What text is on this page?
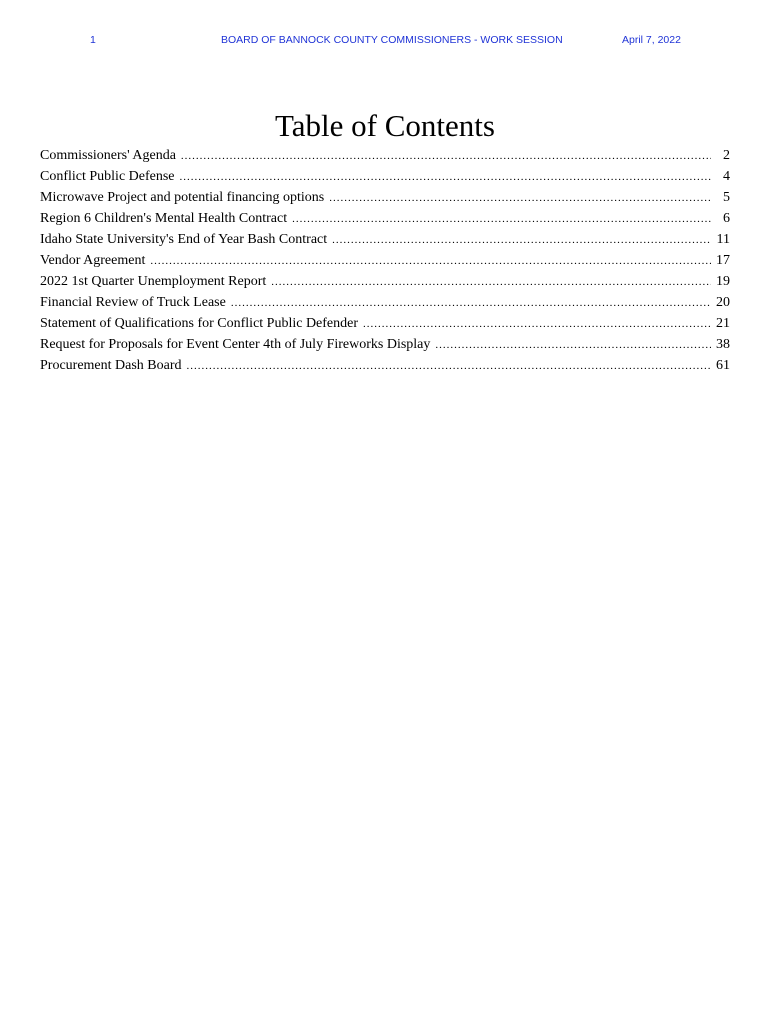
1	BOARD OF BANNOCK COUNTY COMMISSIONERS - WORK SESSION	April 7, 2022
Table of Contents
Commissioners' Agenda .....	2
Conflict Public Defense .....	4
Microwave Project and potential financing options .....	5
Region 6 Children's Mental Health Contract .....	6
Idaho State University's End of Year Bash Contract .....	11
Vendor Agreement .....	17
2022 1st Quarter Unemployment Report .....	19
Financial Review of Truck Lease .....	20
Statement of Qualifications for Conflict Public Defender .....	21
Request for Proposals for Event Center 4th of July Fireworks Display .....	38
Procurement Dash Board .....	61
